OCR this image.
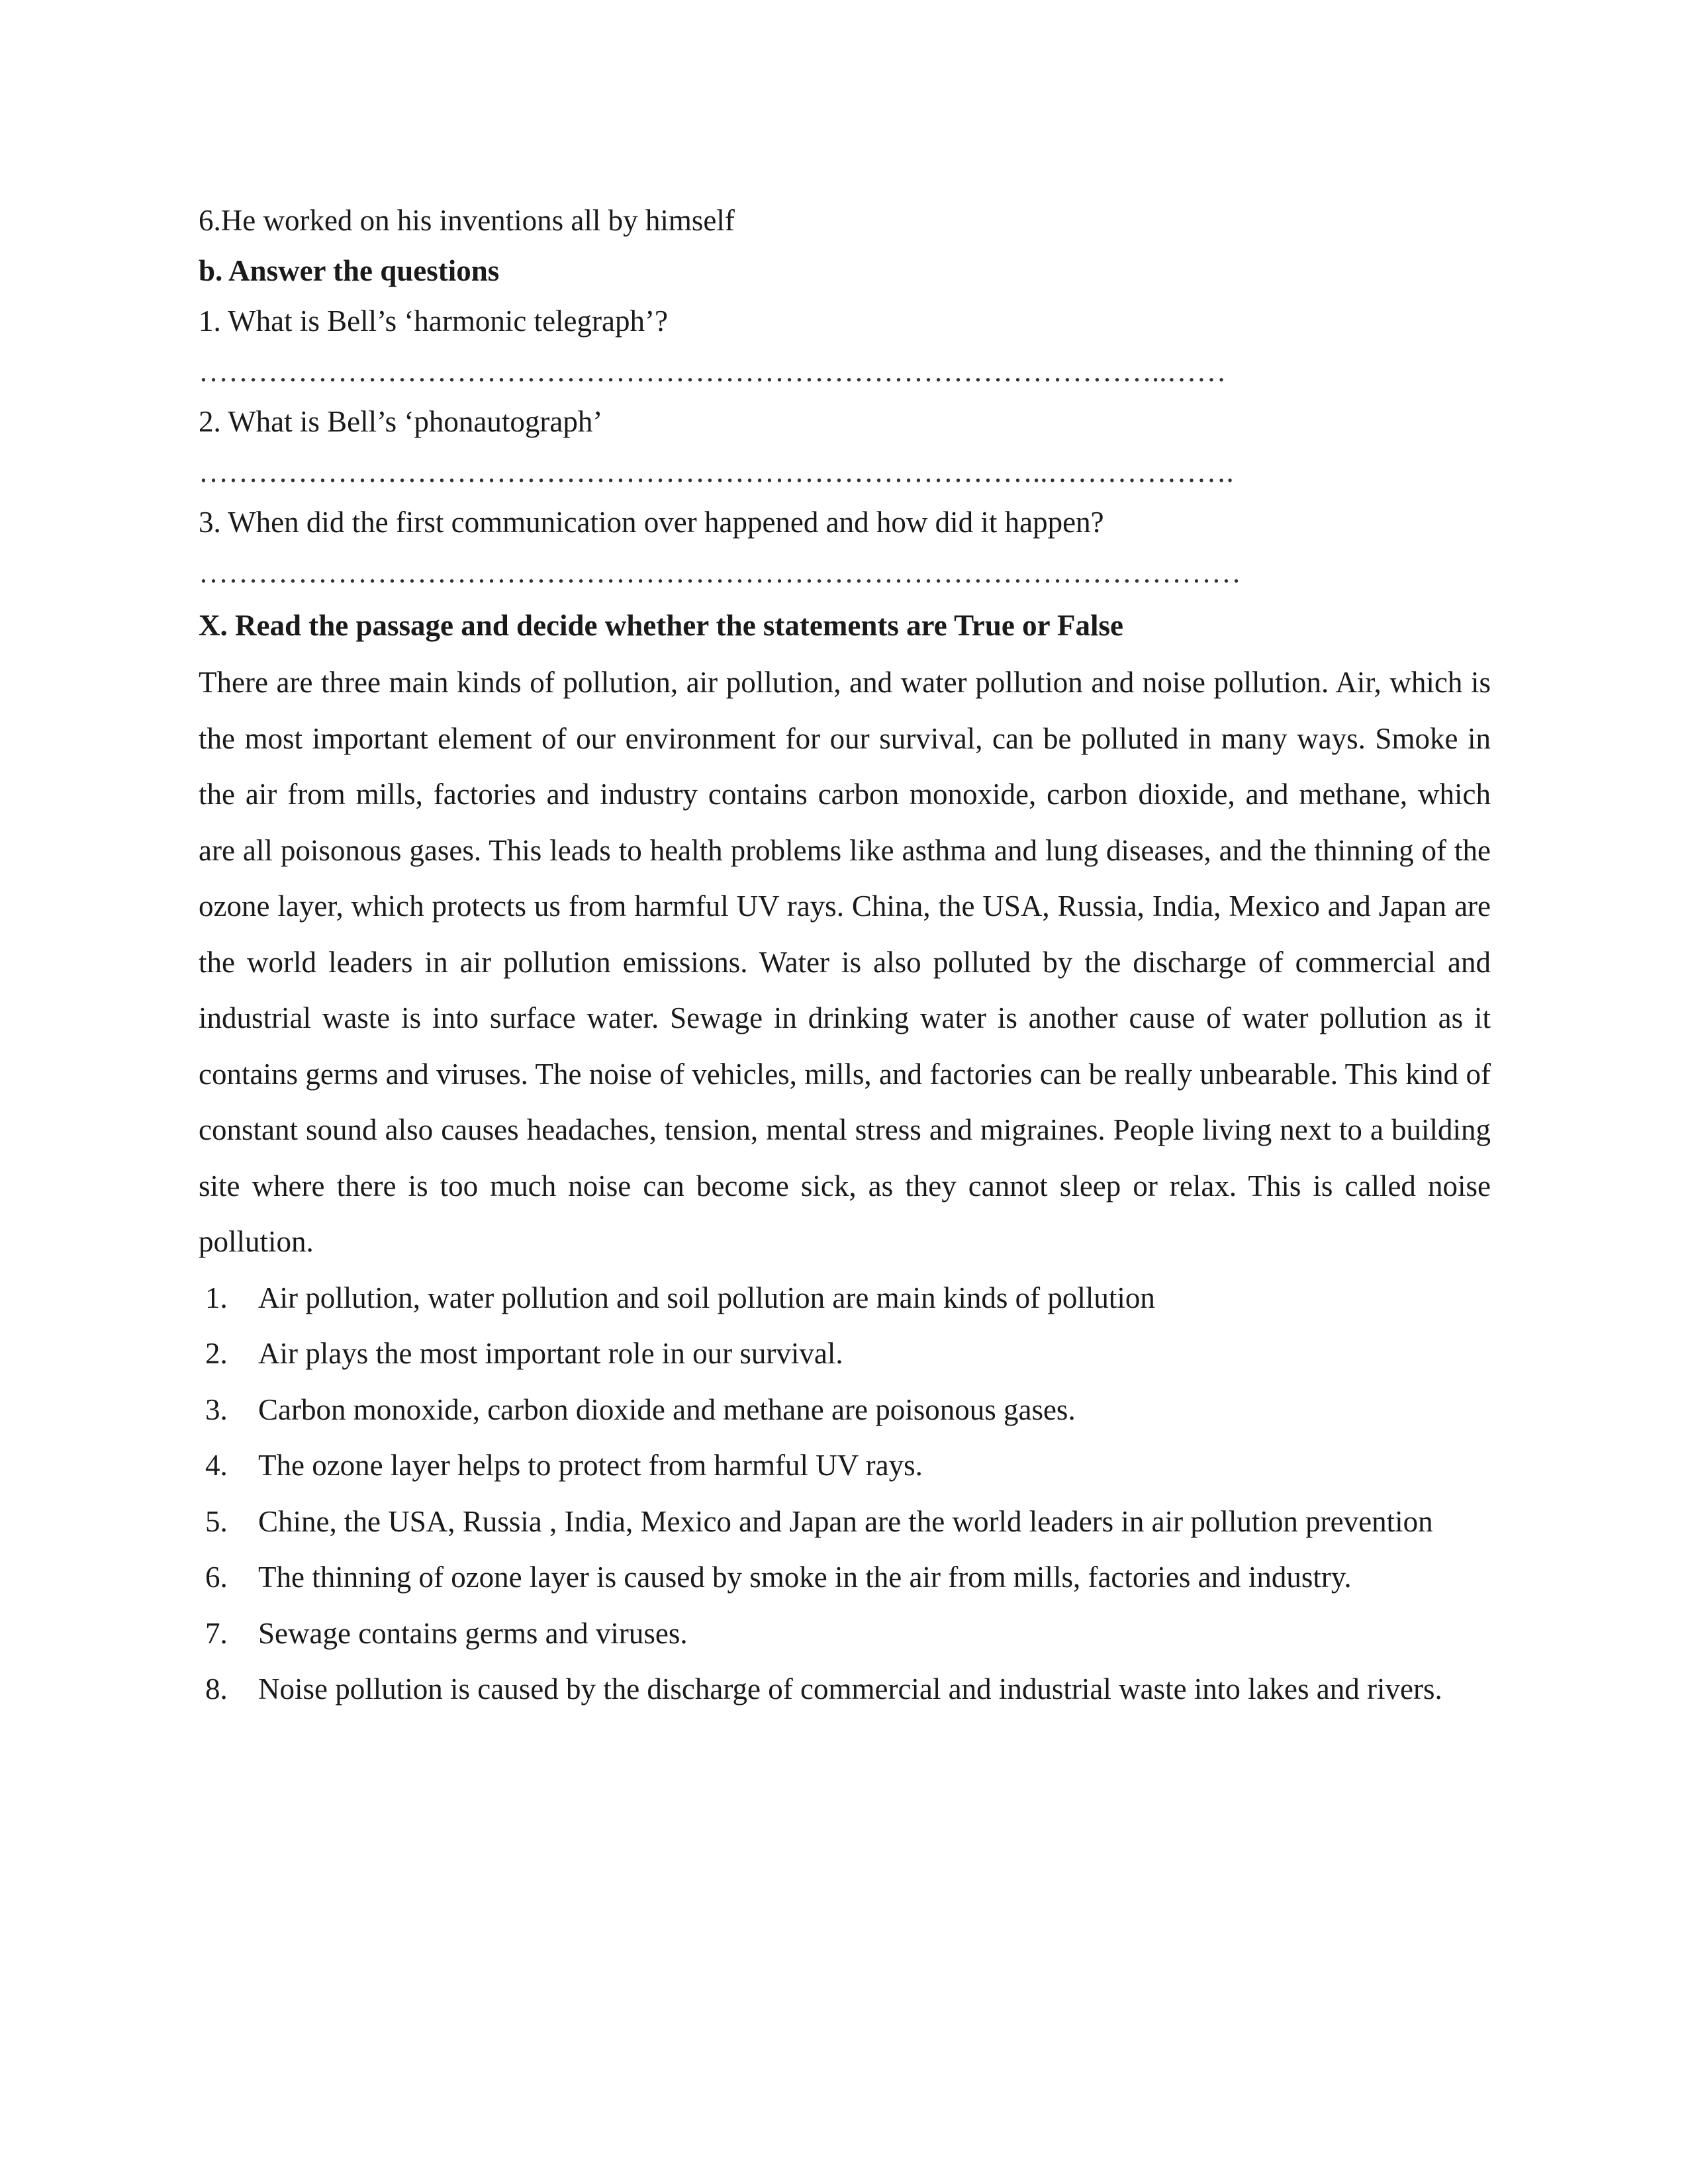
6.He worked on his inventions all by himself
b. Answer the questions
1. What is Bell’s ‘harmonic telegraph’?
……………………………………………………………………………………..……
2. What is Bell’s ‘phonautograph’
…………………………………………………………………………..……………….
3. When did the first communication over happened and how did it happen?
……………………………………………………………………………………………
X. Read the passage and decide whether the statements are True or False
There are three main kinds of pollution, air pollution, and water pollution and noise pollution. Air, which is the most important element of our environment for our survival, can be polluted in many ways. Smoke in the air from mills, factories and industry contains carbon monoxide, carbon dioxide, and methane, which are all poisonous gases. This leads to health problems like asthma and lung diseases, and the thinning of the ozone layer, which protects us from harmful UV rays. China, the USA, Russia, India, Mexico and Japan are the world leaders in air pollution emissions. Water is also polluted by the discharge of commercial and industrial waste is into surface water. Sewage in drinking water is another cause of water pollution as it contains germs and viruses. The noise of vehicles, mills, and factories can be really unbearable. This kind of constant sound also causes headaches, tension, mental stress and migraines. People living next to a building site where there is too much noise can become sick, as they cannot sleep or relax. This is called noise pollution.
1.	Air pollution, water pollution and soil pollution are main kinds of pollution
2.	Air plays the most important role in our survival.
3.	Carbon monoxide, carbon dioxide and methane are poisonous gases.
4.	The ozone layer helps to protect from harmful UV rays.
5.	Chine, the USA, Russia , India, Mexico and Japan are the world leaders in air pollution prevention
6.	The thinning of ozone layer is caused by smoke in the air from mills, factories and industry.
7.	Sewage contains germs and viruses.
8.	Noise pollution is caused by the discharge of commercial and industrial waste into lakes and rivers.
